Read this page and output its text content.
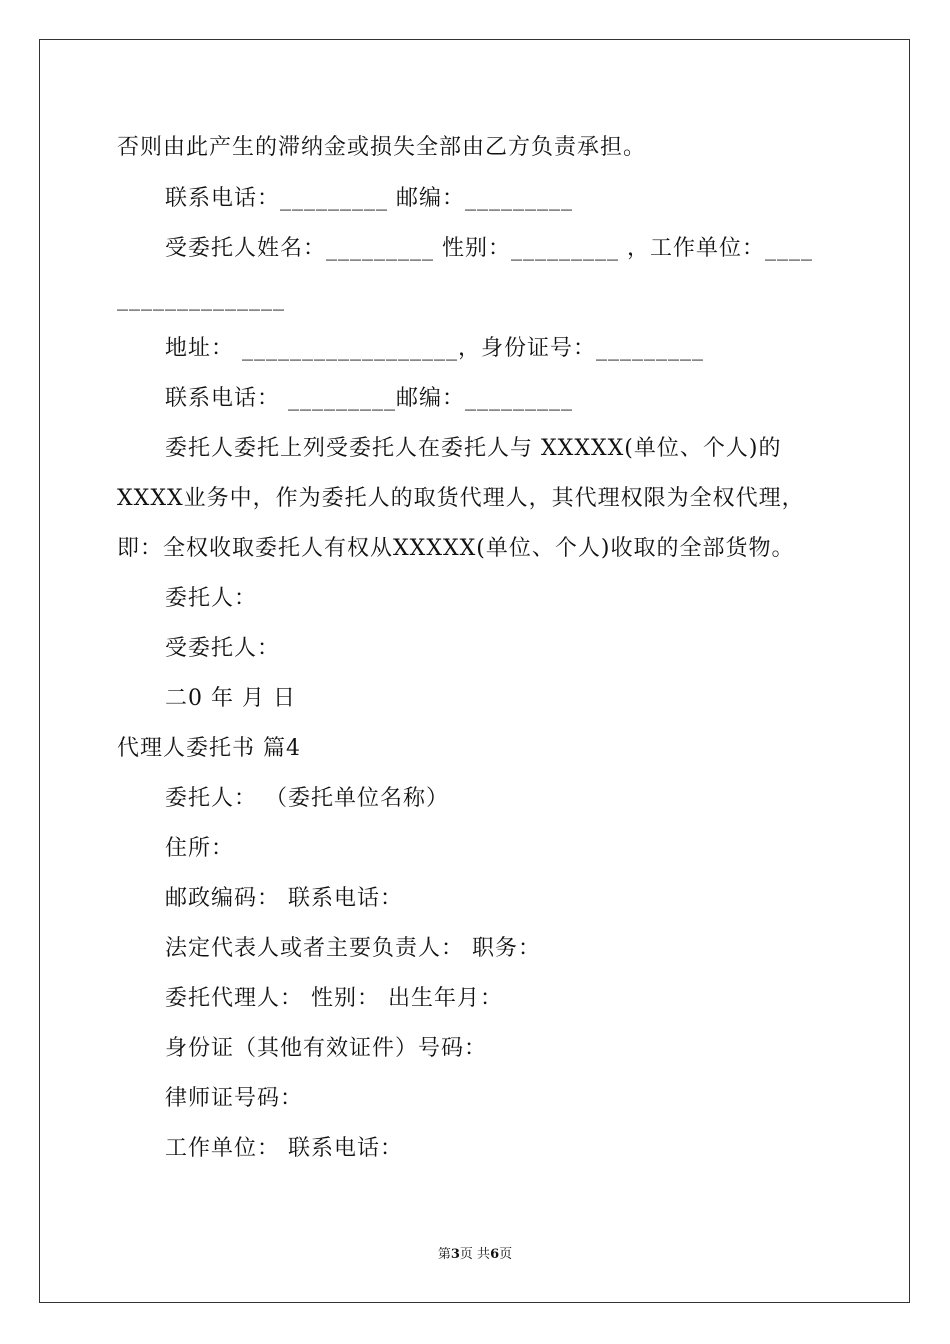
否则由此产生的滞纳金或损失全部由乙方负责承担。
联系电话：_________ 邮编：_________
受委托人姓名：_________ 性别：_________ ，工作单位：____
______________
地址： __________________，身份证号：_________
联系电话： _________邮编：_________
委托人委托上列受委托人在委托人与 XXXXX(单位、个人)的
XXXX业务中，作为委托人的取货代理人，其代理权限为全权代理，
即：全权收取委托人有权从XXXXX(单位、个人)收取的全部货物。
委托人：
受委托人：
二0 年 月 日
代理人委托书 篇4
委托人： （委托单位名称）
住所：
邮政编码： 联系电话：
法定代表人或者主要负责人： 职务：
委托代理人： 性别： 出生年月：
身份证（其他有效证件）号码：
律师证号码：
工作单位： 联系电话：
第3页 共6页
